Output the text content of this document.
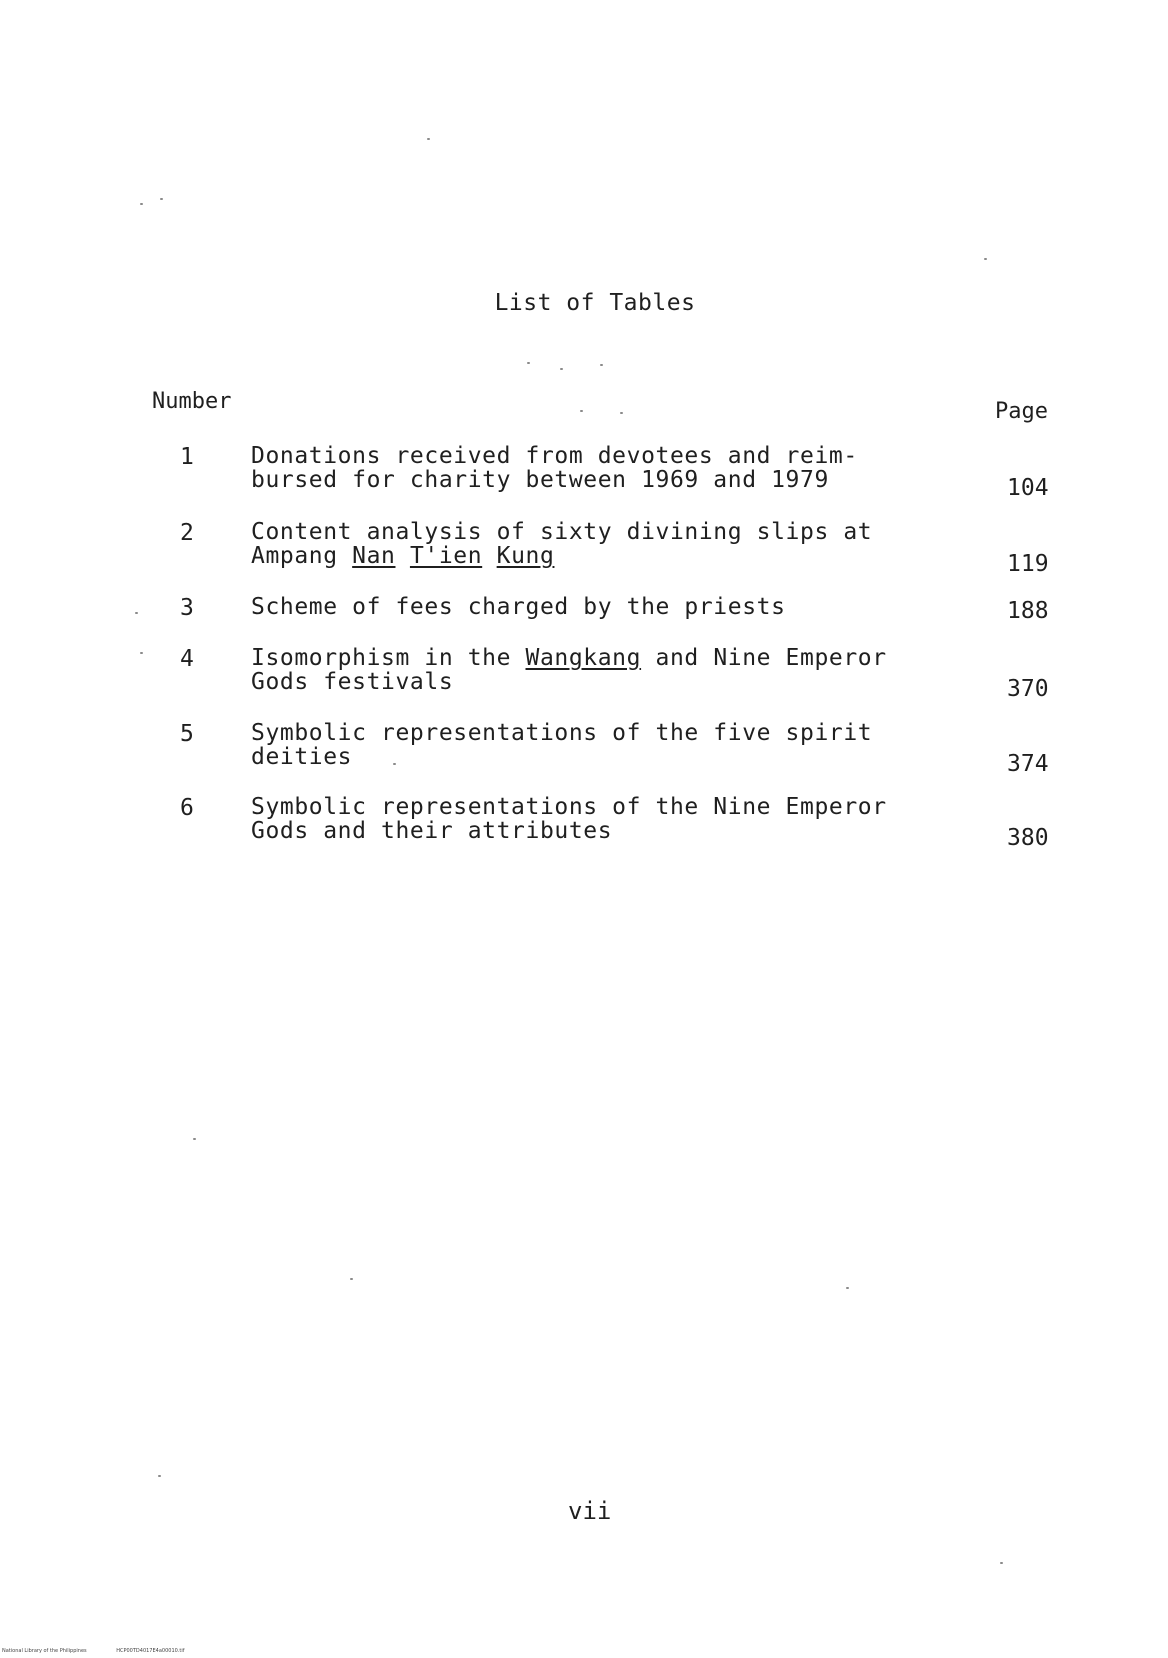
List of Tables
Number	Page
1 Donations received from devotees and reim-
bursed for charity between 1969 and 1979	104
2 Content analysis of sixty divining slips at
Ampang Nan T'ien Kung	119
3 Scheme of fees charged by the priests	188
4 Isomorphism in the Wangkang and Nine Emperor
Gods festivals	370
5 Symbolic representations of the five spirit
deities	374
6 Symbolic representations of the Nine Emperor
Gods and their attributes	380
vii
National Library of the Philippines	HCP00TD4017E4a00010.tif
